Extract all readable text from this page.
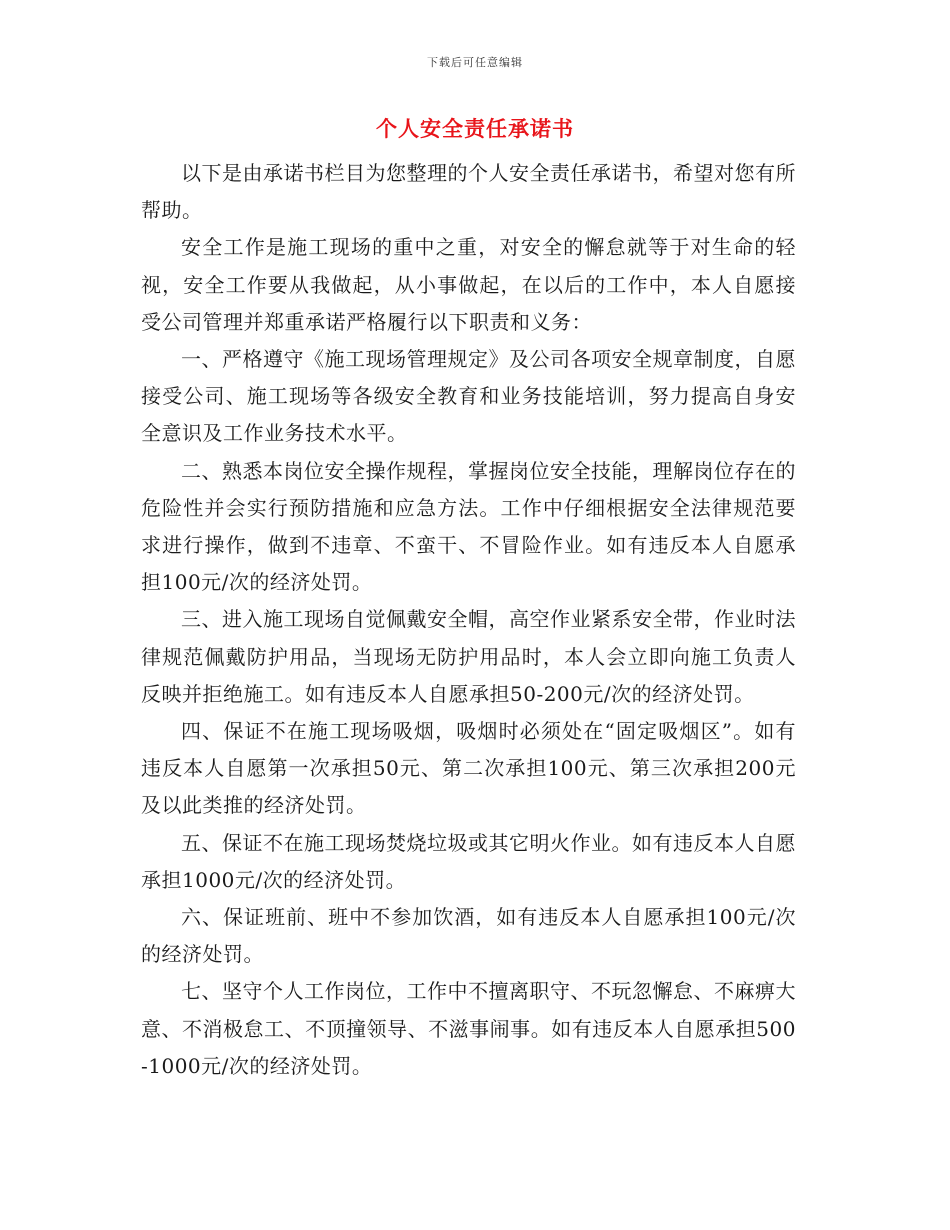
下载后可任意编辑
个人安全责任承诺书

以下是由承诺书栏目为您整理的个人安全责任承诺书，希望对您有所帮助。

安全工作是施工现场的重中之重，对安全的懈怠就等于对生命的轻视，安全工作要从我做起，从小事做起，在以后的工作中，本人自愿接受公司管理并郑重承诺严格履行以下职责和义务：

一、严格遵守《施工现场管理规定》及公司各项安全规章制度，自愿接受公司、施工现场等各级安全教育和业务技能培训，努力提高自身安全意识及工作业务技术水平。

二、熟悉本岗位安全操作规程，掌握岗位安全技能，理解岗位存在的危险性并会实行预防措施和应急方法。工作中仔细根据安全法律规范要求进行操作，做到不违章、不蛮干、不冒险作业。如有违反本人自愿承担100元/次的经济处罚。

三、进入施工现场自觉佩戴安全帽，高空作业紧系安全带，作业时法律规范佩戴防护用品，当现场无防护用品时，本人会立即向施工负责人反映并拒绝施工。如有违反本人自愿承担50-200元/次的经济处罚。

四、保证不在施工现场吸烟，吸烟时必须处在“固定吸烟区”。如有违反本人自愿第一次承担50元、第二次承担100元、第三次承担200元及以此类推的经济处罚。

五、保证不在施工现场焚烧垃圾或其它明火作业。如有违反本人自愿承担1000元/次的经济处罚。

六、保证班前、班中不参加饮酒，如有违反本人自愿承担100元/次的经济处罚。

七、坚守个人工作岗位，工作中不擅离职守、不玩忽懈怠、不麻痹大意、不消极怠工、不顶撞领导、不滋事闹事。如有违反本人自愿承担500-1000元/次的经济处罚。
